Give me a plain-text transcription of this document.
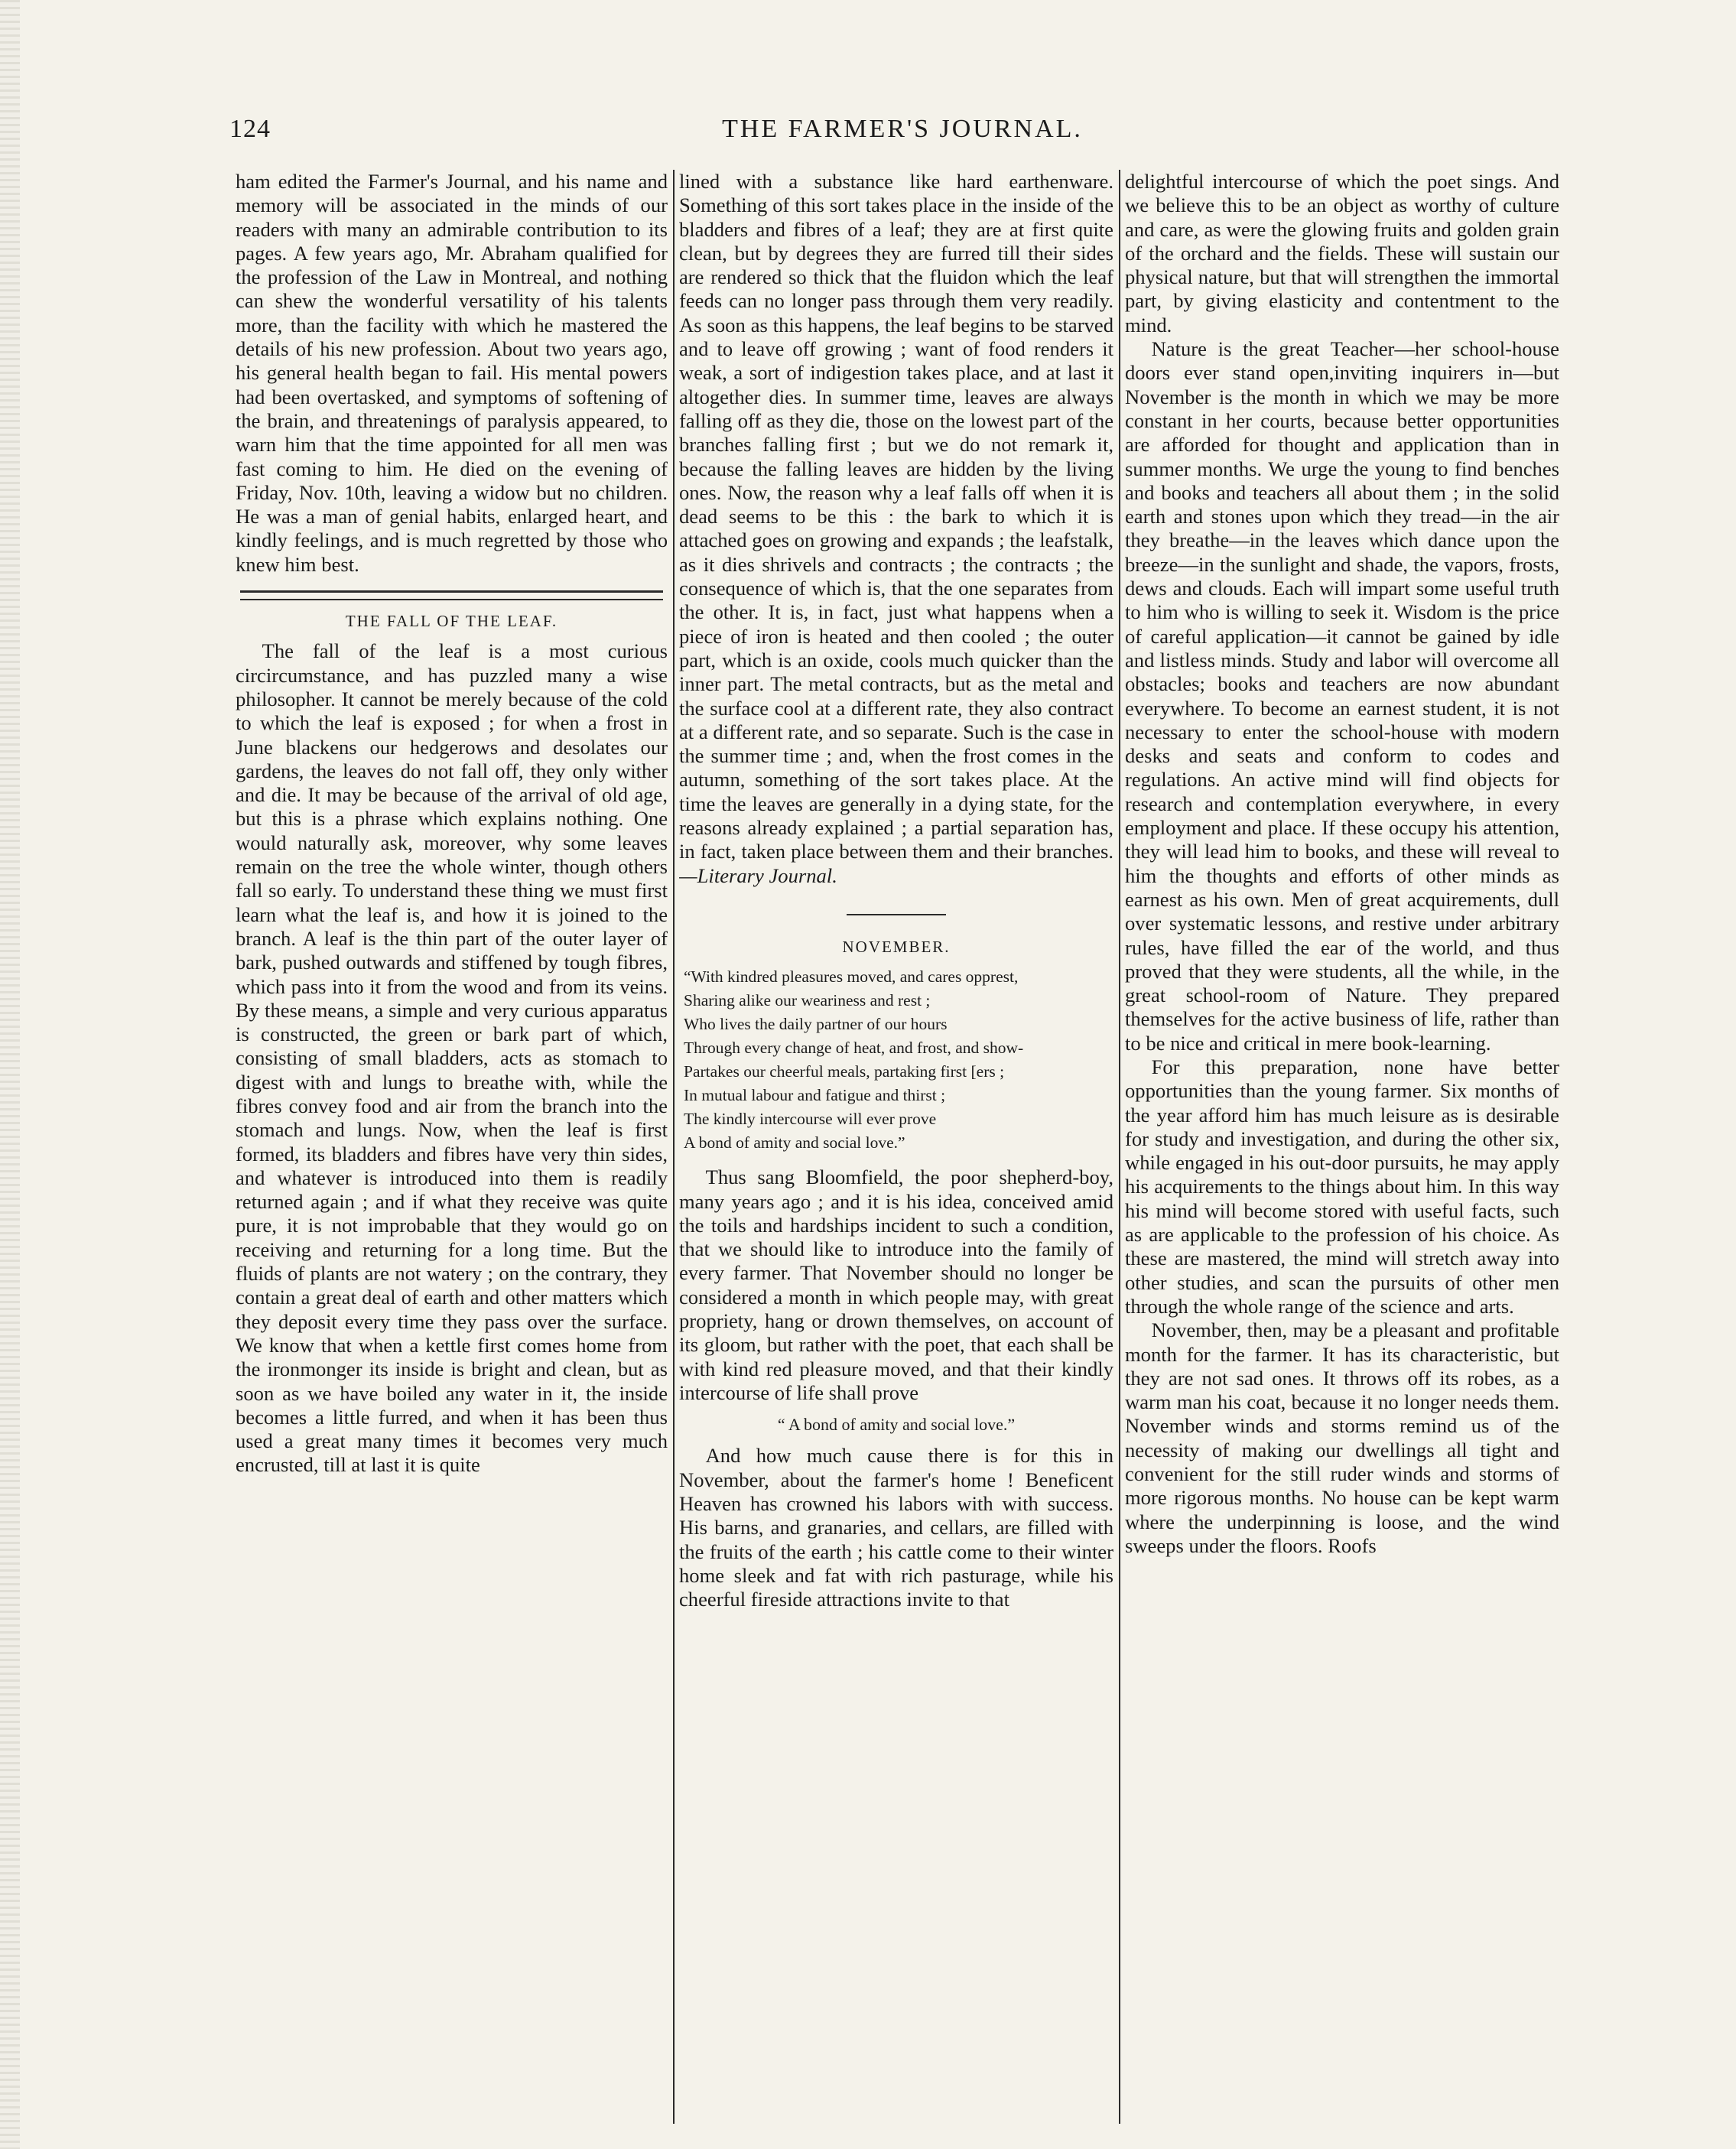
124	THE FARMER'S JOURNAL.

ham edited the Farmer's Journal, and his name and memory will be associated in the minds of our readers with many an admirable contribution to its pages. A few years ago, Mr. Abraham qualified for the profession of the Law in Montreal, and nothing can shew the wonderful versatility of his talents more, than the facility with which he mastered the details of his new profession. About two years ago, his general health began to fail. His mental powers had been overtasked, and symptoms of softening of the brain, and threatenings of paralysis appeared, to warn him that the time appointed for all men was fast coming to him. He died on the evening of Friday, Nov. 10th, leaving a widow but no children. He was a man of genial habits, enlarged heart, and kindly feelings, and is much regretted by those who knew him best.

THE FALL OF THE LEAF.

The fall of the leaf is a most curious circircumstance, and has puzzled many a wise philosopher. It cannot be merely because of the cold to which the leaf is exposed ; for when a frost in June blackens our hedgerows and desolates our gardens, the leaves do not fall off, they only wither and die. It may be because of the arrival of old age, but this is a phrase which explains nothing. One would naturally ask, moreover, why some leaves remain on the tree the whole winter, though others fall so early. To understand these thing we must first learn what the leaf is, and how it is joined to the branch. A leaf is the thin part of the outer layer of bark, pushed outwards and stiffened by tough fibres, which pass into it from the wood and from its veins. By these means, a simple and very curious apparatus is constructed, the green or bark part of which, consisting of small bladders, acts as stomach to digest with and lungs to breathe with, while the fibres convey food and air from the branch into the stomach and lungs. Now, when the leaf is first formed, its bladders and fibres have very thin sides, and whatever is introduced into them is readily returned again ; and if what they receive was quite pure, it is not improbable that they would go on receiving and returning for a long time. But the fluids of plants are not watery ; on the contrary, they contain a great deal of earth and other matters which they deposit every time they pass over the surface. We know that when a kettle first comes home from the ironmonger its inside is bright and clean, but as soon as we have boiled any water in it, the inside becomes a little furred, and when it has been thus used a great many times it becomes very much encrusted, till at last it is quite

lined with a substance like hard earthenware. Something of this sort takes place in the inside of the bladders and fibres of a leaf; they are at first quite clean, but by degrees they are furred till their sides are rendered so thick that the fluidon which the leaf feeds can no longer pass through them very readily. As soon as this happens, the leaf begins to be starved and to leave off growing ; want of food renders it weak, a sort of indigestion takes place, and at last it altogether dies. In summer time, leaves are always falling off as they die, those on the lowest part of the branches falling first ; but we do not remark it, because the falling leaves are hidden by the living ones. Now, the reason why a leaf falls off when it is dead seems to be this : the bark to which it is attached goes on growing and expands ; the leafstalk, as it dies shrivels and contracts ; the contracts ; the consequence of which is, that the one separates from the other. It is, in fact, just what happens when a piece of iron is heated and then cooled ; the outer part, which is an oxide, cools much quicker than the inner part. The metal contracts, but as the metal and the surface cool at a different rate, they also contract at a different rate, and so separate. Such is the case in the summer time ; and, when the frost comes in the autumn, something of the sort takes place. At the time the leaves are generally in a dying state, for the reasons already explained ; a partial separation has, in fact, taken place between them and their branches.—Literary Journal.

NOVEMBER.
“With kindred pleasures moved, and cares opprest,
Sharing alike our weariness and rest ;
Who lives the daily partner of our hours
Through every change of heat, and frost, and show-
Partakes our cheerful meals, partaking first [ers ;
In mutual labour and fatigue and thirst ;
The kindly intercourse will ever prove
A bond of amity and social love.”

Thus sang Bloomfield, the poor shepherd-boy, many years ago ; and it is his idea, conceived amid the toils and hardships incident to such a condition, that we should like to introduce into the family of every farmer. That November should no longer be considered a month in which people may, with great propriety, hang or drown themselves, on account of its gloom, but rather with the poet, that each shall be with kind red pleasure moved, and that their kindly intercourse of life shall prove

“ A bond of amity and social love.”

And how much cause there is for this in November, about the farmer's home ! Beneficent Heaven has crowned his labors with with success. His barns, and granaries, and cellars, are filled with the fruits of the earth ; his cattle come to their winter home sleek and fat with rich pasturage, while his cheerful fireside attractions invite to that

delightful intercourse of which the poet sings. And we believe this to be an object as worthy of culture and care, as were the glowing fruits and golden grain of the orchard and the fields. These will sustain our physical nature, but that will strengthen the immortal part, by giving elasticity and contentment to the mind.

Nature is the great Teacher—her school-house doors ever stand open,inviting inquirers in—but November is the month in which we may be more constant in her courts, because better opportunities are afforded for thought and application than in summer months. We urge the young to find benches and books and teachers all about them ; in the solid earth and stones upon which they tread—in the air they breathe—in the leaves which dance upon the breeze—in the sunlight and shade, the vapors, frosts, dews and clouds. Each will impart some useful truth to him who is willing to seek it. Wisdom is the price of careful application—it cannot be gained by idle and listless minds. Study and labor will overcome all obstacles; books and teachers are now abundant everywhere. To become an earnest student, it is not necessary to enter the school-house with modern desks and seats and conform to codes and regulations. An active mind will find objects for research and contemplation everywhere, in every employment and place. If these occupy his attention, they will lead him to books, and these will reveal to him the thoughts and efforts of other minds as earnest as his own. Men of great acquirements, dull over systematic lessons, and restive under arbitrary rules, have filled the ear of the world, and thus proved that they were students, all the while, in the great school-room of Nature. They prepared themselves for the active business of life, rather than to be nice and critical in mere book-learning.

For this preparation, none have better opportunities than the young farmer. Six months of the year afford him has much leisure as is desirable for study and investigation, and during the other six, while engaged in his out-door pursuits, he may apply his acquirements to the things about him. In this way his mind will become stored with useful facts, such as are applicable to the profession of his choice. As these are mastered, the mind will stretch away into other studies, and scan the pursuits of other men through the whole range of the science and arts.

November, then, may be a pleasant and profitable month for the farmer. It has its characteristic, but they are not sad ones. It throws off its robes, as a warm man his coat, because it no longer needs them. November winds and storms remind us of the necessity of making our dwellings all tight and convenient for the still ruder winds and storms of more rigorous months. No house can be kept warm where the underpinning is loose, and the wind sweeps under the floors. Roofs
